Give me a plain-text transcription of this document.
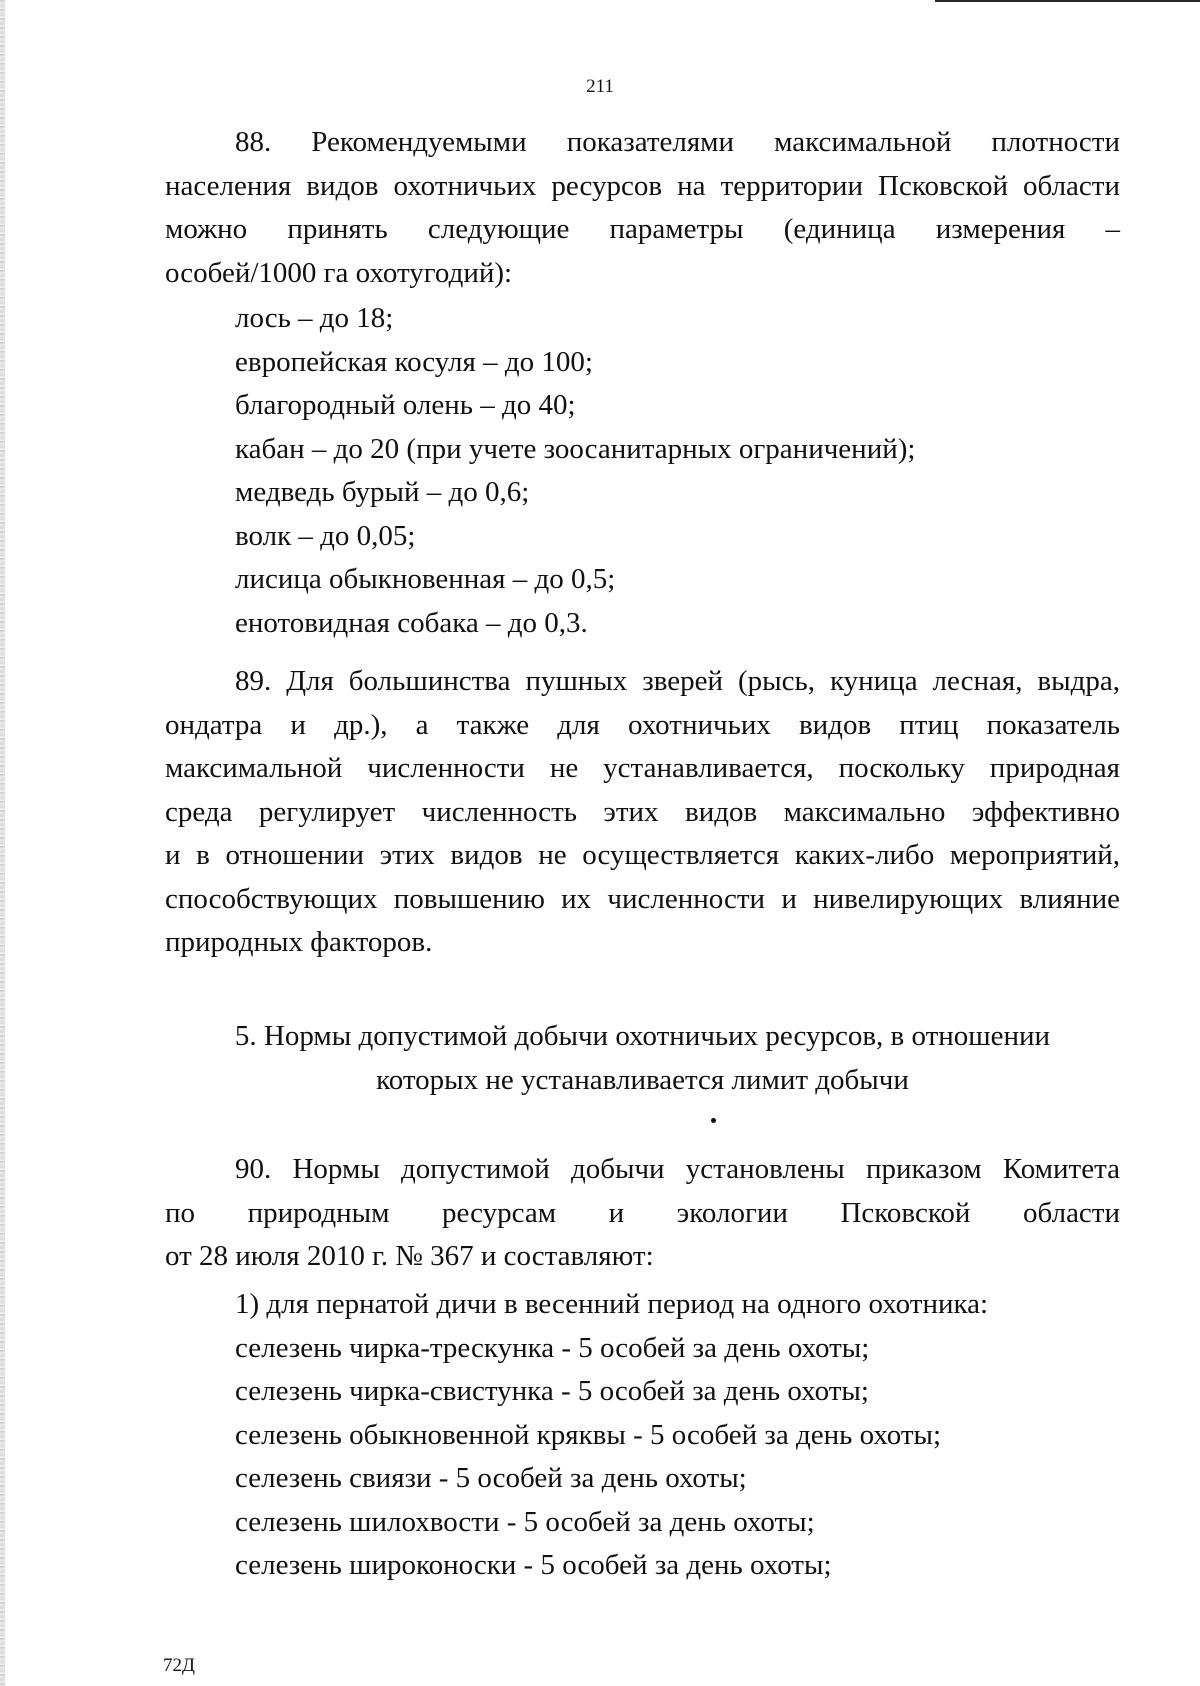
211
88. Рекомендуемыми показателями максимальной плотности
населения видов охотничьих ресурсов на территории Псковской области
можно принять следующие параметры (единица измерения –
особей/1000 га охотугодий):
лось – до 18;
европейская косуля – до 100;
благородный олень – до 40;
кабан – до 20 (при учете зоосанитарных ограничений);
медведь бурый – до 0,6;
волк – до 0,05;
лисица обыкновенная – до 0,5;
енотовидная собака – до 0,3.
89. Для большинства пушных зверей (рысь, куница лесная, выдра,
ондатра и др.), а также для охотничьих видов птиц показатель
максимальной численности не устанавливается, поскольку природная
среда регулирует численность этих видов максимально эффективно
и в отношении этих видов не осуществляется каких-либо мероприятий,
способствующих повышению их численности и нивелирующих влияние
природных факторов.
5. Нормы допустимой добычи охотничьих ресурсов, в отношении
которых не устанавливается лимит добычи
90. Нормы допустимой добычи установлены приказом Комитета
по природным ресурсам и экологии Псковской области
от 28 июля 2010 г. № 367 и составляют:
1) для пернатой дичи в весенний период на одного охотника:
селезень чирка-трескунка - 5 особей за день охоты;
селезень чирка-свистунка - 5 особей за день охоты;
селезень обыкновенной кряквы - 5 особей за день охоты;
селезень свиязи - 5 особей за день охоты;
селезень шилохвости - 5 особей за день охоты;
селезень широконоски - 5 особей за день охоты;
72Д
